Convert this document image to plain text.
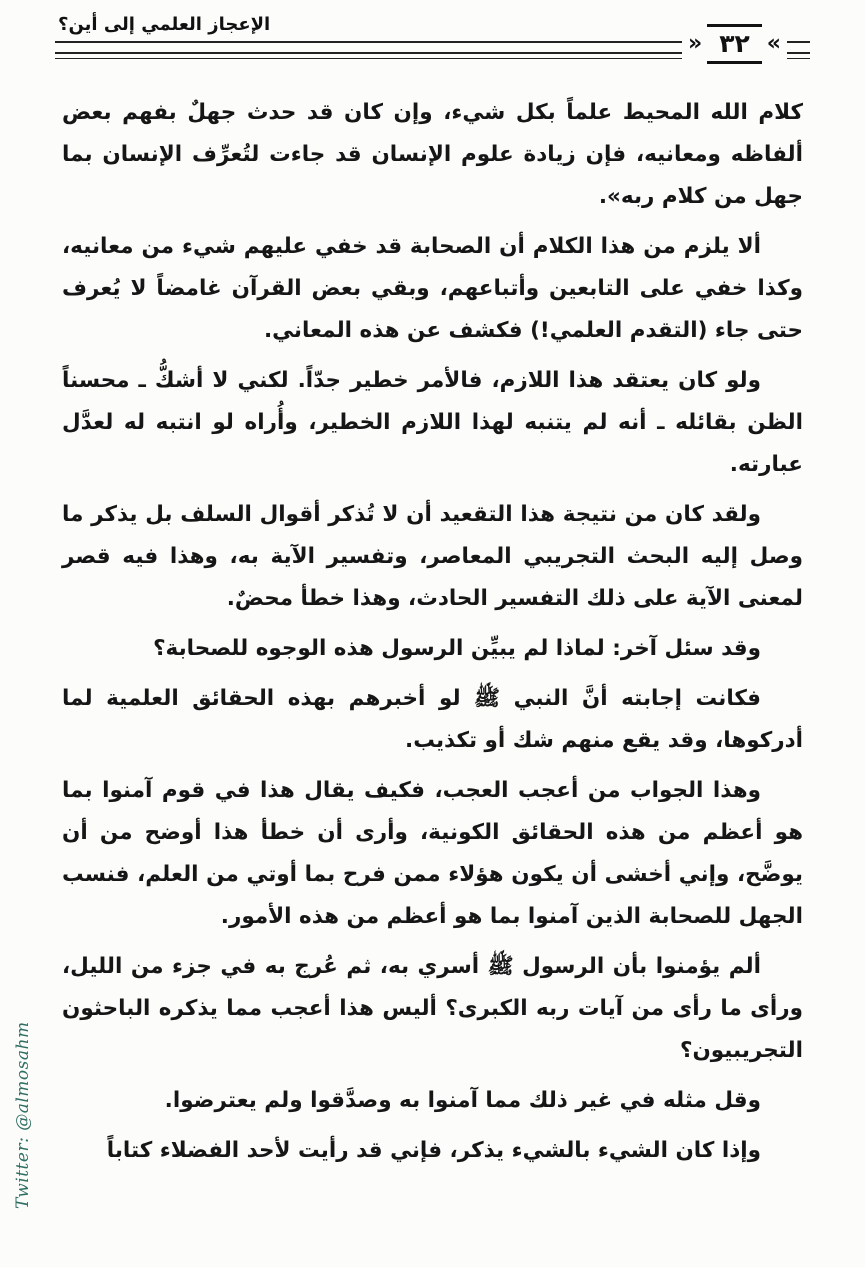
الإعجاز العلمي إلى أين؟
» ٣٢ «

كلام الله المحيط علماً بكل شيء، وإن كان قد حدث جهلٌ بفهم بعض ألفاظه ومعانيه، فإن زيادة علوم الإنسان قد جاءت لتُعرِّف الإنسان بما جهل من كلام ربه».

ألا يلزم من هذا الكلام أن الصحابة قد خفي عليهم شيء من معانيه، وكذا خفي على التابعين وأتباعهم، وبقي بعض القرآن غامضاً لا يُعرف حتى جاء (التقدم العلمي!) فكشف عن هذه المعاني.

ولو كان يعتقد هذا اللازم، فالأمر خطير جدّاً. لكني لا أشكُّ ـ محسناً الظن بقائله ـ أنه لم يتنبه لهذا اللازم الخطير، وأُراه لو انتبه له لعدَّل عبارته.

ولقد كان من نتيجة هذا التقعيد أن لا تُذكر أقوال السلف بل يذكر ما وصل إليه البحث التجريبي المعاصر، وتفسير الآية به، وهذا فيه قصر لمعنى الآية على ذلك التفسير الحادث، وهذا خطأ محضٌ.

وقد سئل آخر: لماذا لم يبيِّن الرسول هذه الوجوه للصحابة؟

فكانت إجابته أنَّ النبي ﷺ لو أخبرهم بهذه الحقائق العلمية لما أدركوها، وقد يقع منهم شك أو تكذيب.

وهذا الجواب من أعجب العجب، فكيف يقال هذا في قوم آمنوا بما هو أعظم من هذه الحقائق الكونية، وأرى أن خطأ هذا أوضح من أن يوضَّح، وإني أخشى أن يكون هؤلاء ممن فرح بما أوتي من العلم، فنسب الجهل للصحابة الذين آمنوا بما هو أعظم من هذه الأمور.

ألم يؤمنوا بأن الرسول ﷺ أسري به، ثم عُرج به في جزء من الليل، ورأى ما رأى من آيات ربه الكبرى؟ أليس هذا أعجب مما يذكره الباحثون التجريبيون؟

وقل مثله في غير ذلك مما آمنوا به وصدَّقوا ولم يعترضوا.

وإذا كان الشيء بالشيء يذكر، فإني قد رأيت لأحد الفضلاء كتاباً

Twitter: @almosahm
